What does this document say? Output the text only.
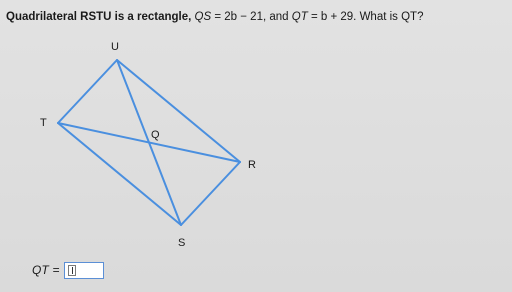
Quadrilateral RSTU is a rectangle, QS = 2b − 21, and QT = b + 29. What is QT?
U
T
Q
R
S
QT =
